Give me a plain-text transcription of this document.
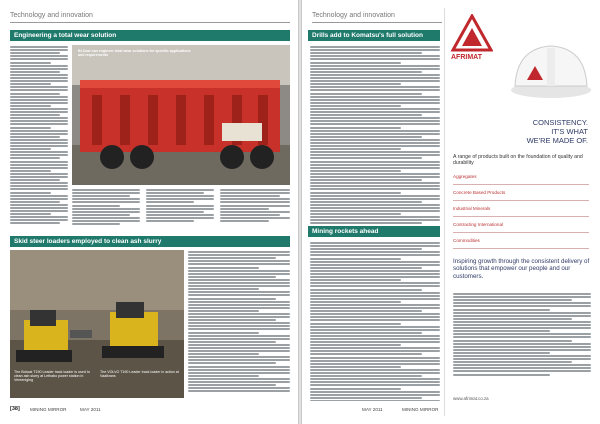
Technology and innovation
Engineering a total wear solution
Bi-Cast can engineer total wear solutions for specific applications and requirements
Skid steer loaders employed to clean ash slurry
The Bobcat T190 Leader track loader is used to clean ash slurry at Lethabo power station in Vereeniging
The VOLVO T190 Leader track loader in action at Vaalkrans
[38] MINING MIRROR	MAY 2011
Technology and innovation
Drills add to Komatsu's full solution
Mining rockets ahead
MINING MIRROR
MAY 2011
AFRIMAT
CONSISTENCY.
IT'S WHAT
WE'RE MADE OF.
A range of products built on the foundation of quality and durability
Aggregates
Concrete Based Products
Industrial Minerals
Contracting International
Commodities
Inspiring growth through the consistent delivery of solutions that empower our people and our customers.
www.afrimat.co.za
